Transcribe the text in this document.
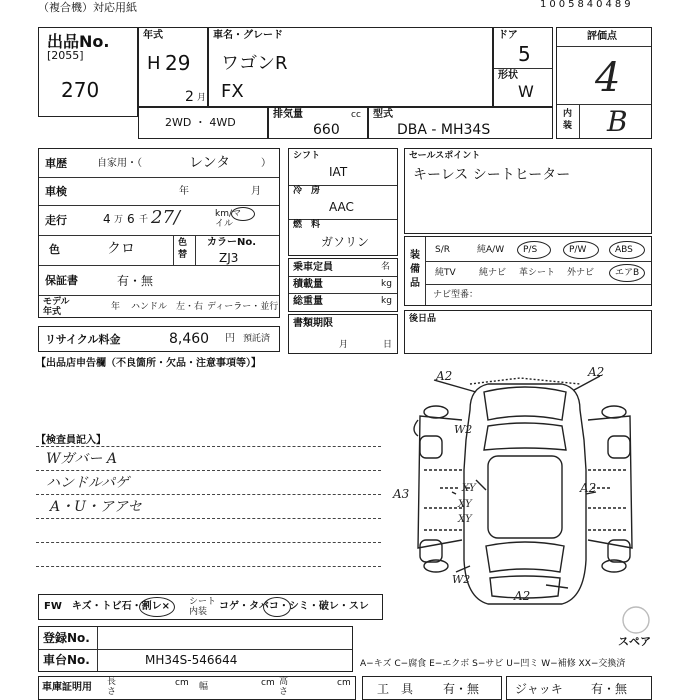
（複合機）対応用紙	1005840489
出品No.
[2055]
270
年式
H 29
2 月
車名・グレード
ワゴンR
FX
ドア
5
形状
W
評価点
4
内
装 B
2WD ・ 4WD
排気量	cc
660
型式
DBA - MH34S
車歴	自家用・（	レンタ	）
車検	年	月
走行	4 万 6 千 27/	km/マイル
色	クロ	色
替
カラーNo.
ZJ3
保証書	有・無
モデル
年式	年 ハンドル　左・右 ディーラー・並行
リサイクル料金	8,460 円 預託済
シフト
IAT
冷　房
AAC
燃　料
ガソリン
乗車定員	名
積載量	kg
総重量	kg
書類期限
月	日
セールスポイント
キーレス シートヒーター
装
備
品
S/R	純A/W P/S	P/W	ABS
純TV	純ナビ 革シート 外ナビ エアB
ナビ型番：
後日品
【出品店申告欄（不良箇所・欠品・注意事項等）】
【検査員記入】
Wガバー A
ハンドルパゲ
A・U・アアセ
A2	A2
W2
A3	A2
XY
XY
XY
A2
W2
スペア
FW　キズ・トビ石・割レ× シート
内装	コゲ・タバコ・シミ・破レ・スレ
登録No.
車台No.	MH34S-546644	A−キズ C−腐食 E−エクボ S−サビ U−凹ミ W−補修 XX−交換済
車庫証明用 長
さ
cm 幅	cm 高
さ
cm 工　具 有・無	ジャッキ 有・無
